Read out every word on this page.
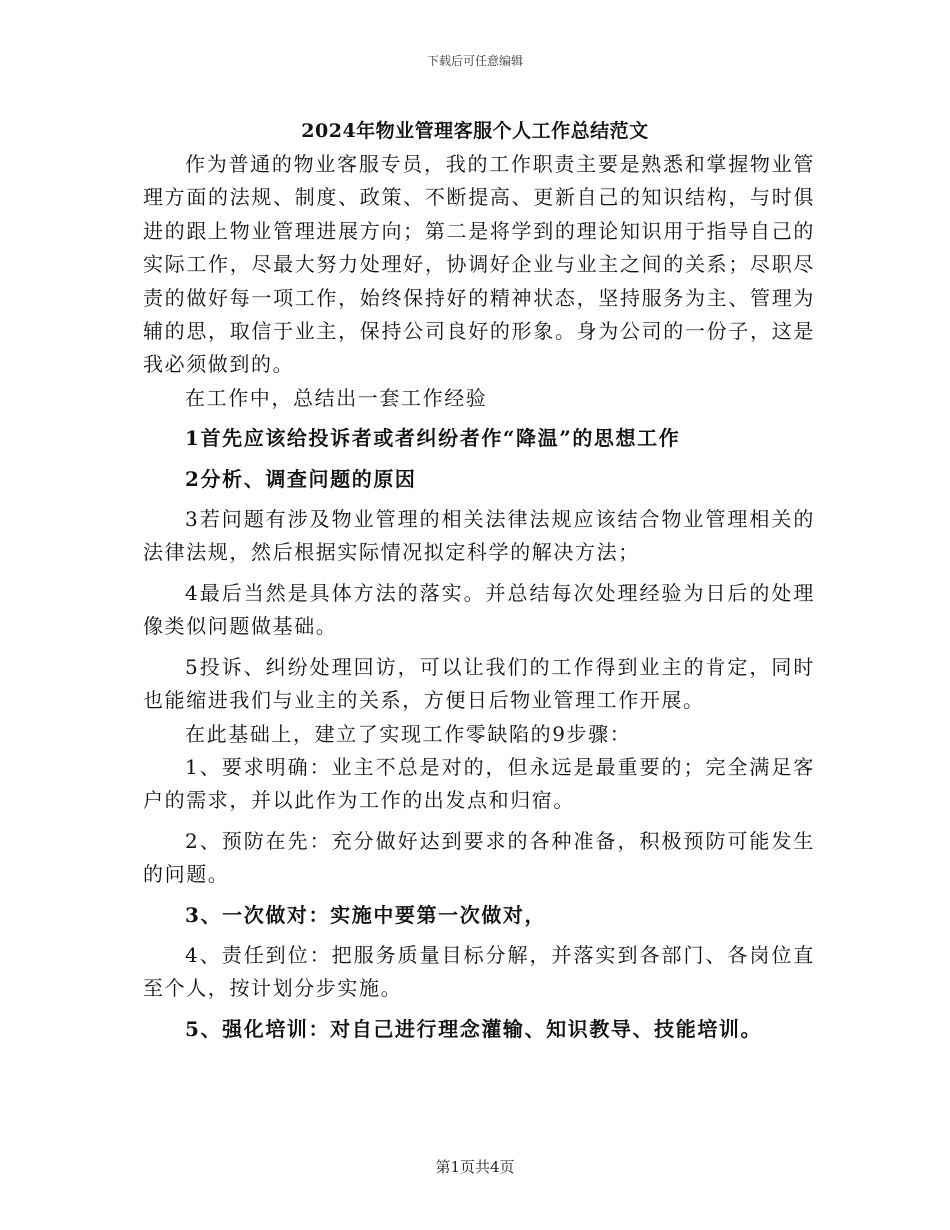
下载后可任意编辑
2024年物业管理客服个人工作总结范文

作为普通的物业客服专员，我的工作职责主要是熟悉和掌握物业管理方面的法规、制度、政策、不断提高、更新自己的知识结构，与时俱进的跟上物业管理进展方向；第二是将学到的理论知识用于指导自己的实际工作，尽最大努力处理好，协调好企业与业主之间的关系；尽职尽责的做好每一项工作，始终保持好的精神状态，坚持服务为主、管理为辅的思，取信于业主，保持公司良好的形象。身为公司的一份子，这是我必须做到的。

在工作中，总结出一套工作经验

1首先应该给投诉者或者纠纷者作“降温”的思想工作

2分析、调查问题的原因

3若问题有涉及物业管理的相关法律法规应该结合物业管理相关的法律法规，然后根据实际情况拟定科学的解决方法；

4最后当然是具体方法的落实。并总结每次处理经验为日后的处理像类似问题做基础。

5投诉、纠纷处理回访，可以让我们的工作得到业主的肯定，同时也能缩进我们与业主的关系，方便日后物业管理工作开展。

在此基础上，建立了实现工作零缺陷的9步骤：

1、要求明确：业主不总是对的，但永远是最重要的；完全满足客户的需求，并以此作为工作的出发点和归宿。

2、预防在先：充分做好达到要求的各种准备，积极预防可能发生的问题。

3、一次做对：实施中要第一次做对，

4、责任到位：把服务质量目标分解，并落实到各部门、各岗位直至个人，按计划分步实施。

5、强化培训：对自己进行理念灌输、知识教导、技能培训。

第1页共4页
